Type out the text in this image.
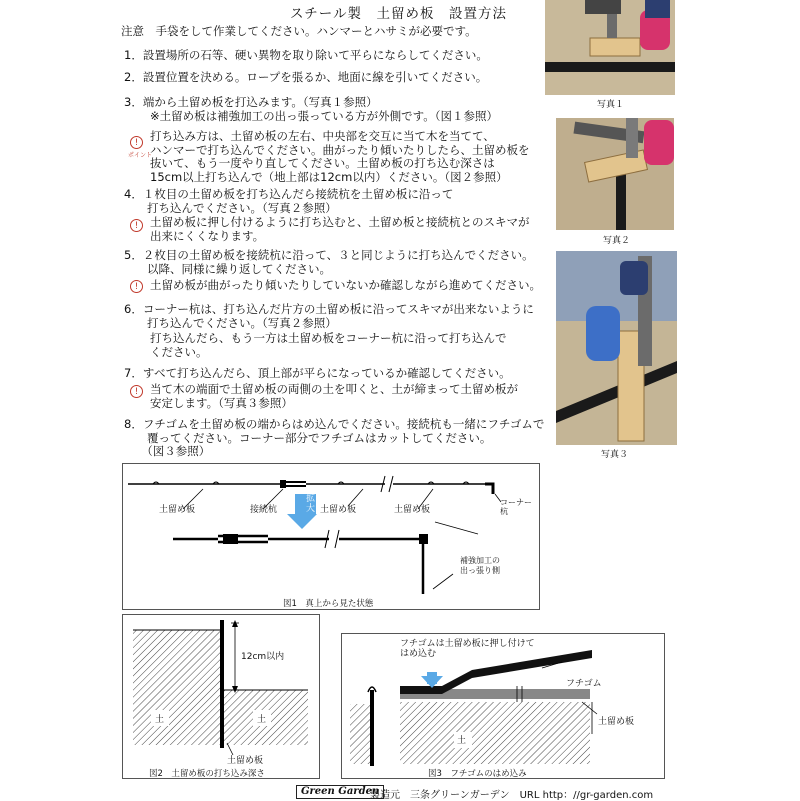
スチール製　土留め板　設置方法
注意　手袋をして作業してください。ハンマーとハサミが必要です。
1．設置場所の石等、硬い異物を取り除いて平らにならしてください。
2．設置位置を決める。ロープを張るか、地面に線を引いてください。
3．端から土留め板を打込みます。（写真１参照）
※土留め板は補強加工の出っ張っている方が外側です。（図１参照）
!
ポイント
打ち込み方は、土留め板の左右、中央部を交互に当て木を当てて、
ハンマーで打ち込んでください。曲がったり傾いたりしたら、土留め板を
抜いて、もう一度やり直してください。土留め板の打ち込む深さは
15cm以上打ち込んで（地上部は12cm以内）ください。（図２参照）
4．１枚目の土留め板を打ち込んだら接続杭を土留め板に沿って
　　打ち込んでください。（写真２参照）
!	土留め板に押し付けるように打ち込むと、土留め板と接続杭とのスキマが
出来にくくなります。
5．２枚目の土留め板を接続杭に沿って、３と同じように打ち込んでください。
　　以降、同様に繰り返してください。
!	土留め板が曲がったり傾いたりしていないか確認しながら進めてください。
6．コーナー杭は、打ち込んだ片方の土留め板に沿ってスキマが出来ないように
　　打ち込んでください。（写真２参照）
打ち込んだら、もう一方は土留め板をコーナー杭に沿って打ち込んで
ください。
7．すべて打ち込んだら、頂上部が平らになっているか確認してください。
!	当て木の端面で土留め板の両側の土を叩くと、土が締まって土留め板が
安定します。（写真３参照）
8．フチゴムを土留め板の端からはめ込んでください。接続杭も一緒にフチゴムで
　　覆ってください。コーナー部分でフチゴムはカットしてください。
　　（図３参照）
写真１
写真２
写真３
土留め板	接続杭	土留め板	土留め板
コーナー
杭
拡大
補強加工の
出っ張り側
図1　真上から見た状態
12cm以内
土	土
土留め板
図2　土留め板の打ち込み深さ
フチゴムは土留め板に押し付けて
はめ込む
フチゴム
土留め板
土
図3　フチゴムのはめ込み
Green Garden
製造元　三条グリーンガーデン　URL http：//gr-garden.com
